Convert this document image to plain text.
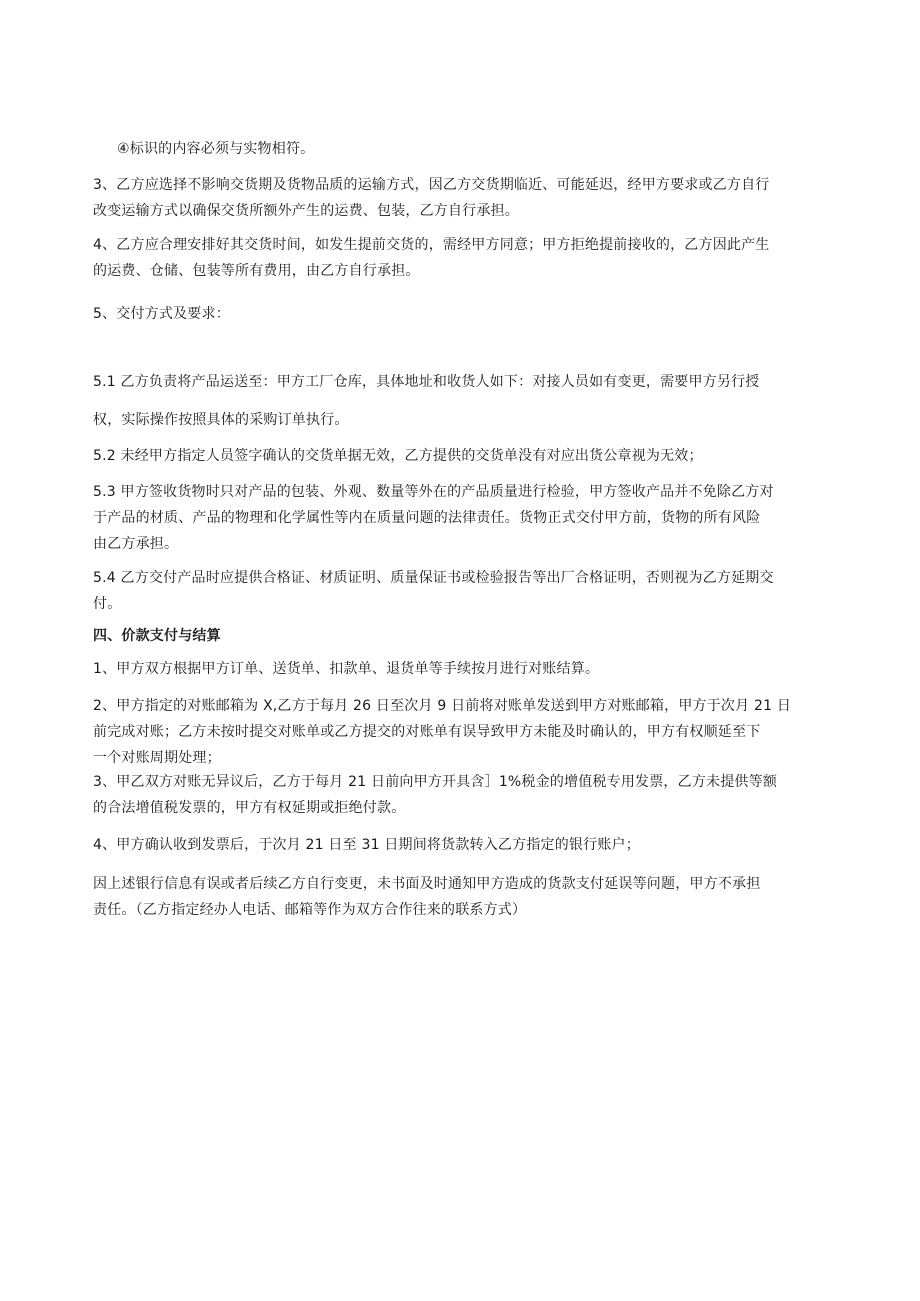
④标识的内容必须与实物相符。

3、乙方应选择不影响交货期及货物品质的运输方式，因乙方交货期临近、可能延迟，经甲方要求或乙方自行
改变运输方式以确保交货所额外产生的运费、包装，乙方自行承担。

4、乙方应合理安排好其交货时间，如发生提前交货的，需经甲方同意；甲方拒绝提前接收的，乙方因此产生
的运费、仓储、包装等所有费用，由乙方自行承担。

5、交付方式及要求：

5.1 乙方负责将产品运送至：甲方工厂仓库，具体地址和收货人如下：对接人员如有变更，需要甲方另行授
权，实际操作按照具体的采购订单执行。

5.2 未经甲方指定人员签字确认的交货单据无效，乙方提供的交货单没有对应出货公章视为无效；

5.3 甲方签收货物时只对产品的包装、外观、数量等外在的产品质量进行检验，甲方签收产品并不免除乙方对
于产品的材质、产品的物理和化学属性等内在质量问题的法律责任。货物正式交付甲方前，货物的所有风险
由乙方承担。

5.4 乙方交付产品时应提供合格证、材质证明、质量保证书或检验报告等出厂合格证明，否则视为乙方延期交
付。

四、价款支付与结算

1、甲方双方根据甲方订单、送货单、扣款单、退货单等手续按月进行对账结算。

2、甲方指定的对账邮箱为 X,乙方于每月 26 日至次月 9 日前将对账单发送到甲方对账邮箱，甲方于次月 21 日
前完成对账；乙方未按时提交对账单或乙方提交的对账单有误导致甲方未能及时确认的，甲方有权顺延至下
一个对账周期处理；

3、甲乙双方对账无异议后，乙方于每月 21 日前向甲方开具含］1%税金的增值税专用发票，乙方未提供等额
的合法增值税发票的，甲方有权延期或拒绝付款。

4、甲方确认收到发票后，于次月 21 日至 31 日期间将货款转入乙方指定的银行账户；

因上述银行信息有误或者后续乙方自行变更，未书面及时通知甲方造成的货款支付延误等问题，甲方不承担
责任。（乙方指定经办人电话、邮箱等作为双方合作往来的联系方式）
